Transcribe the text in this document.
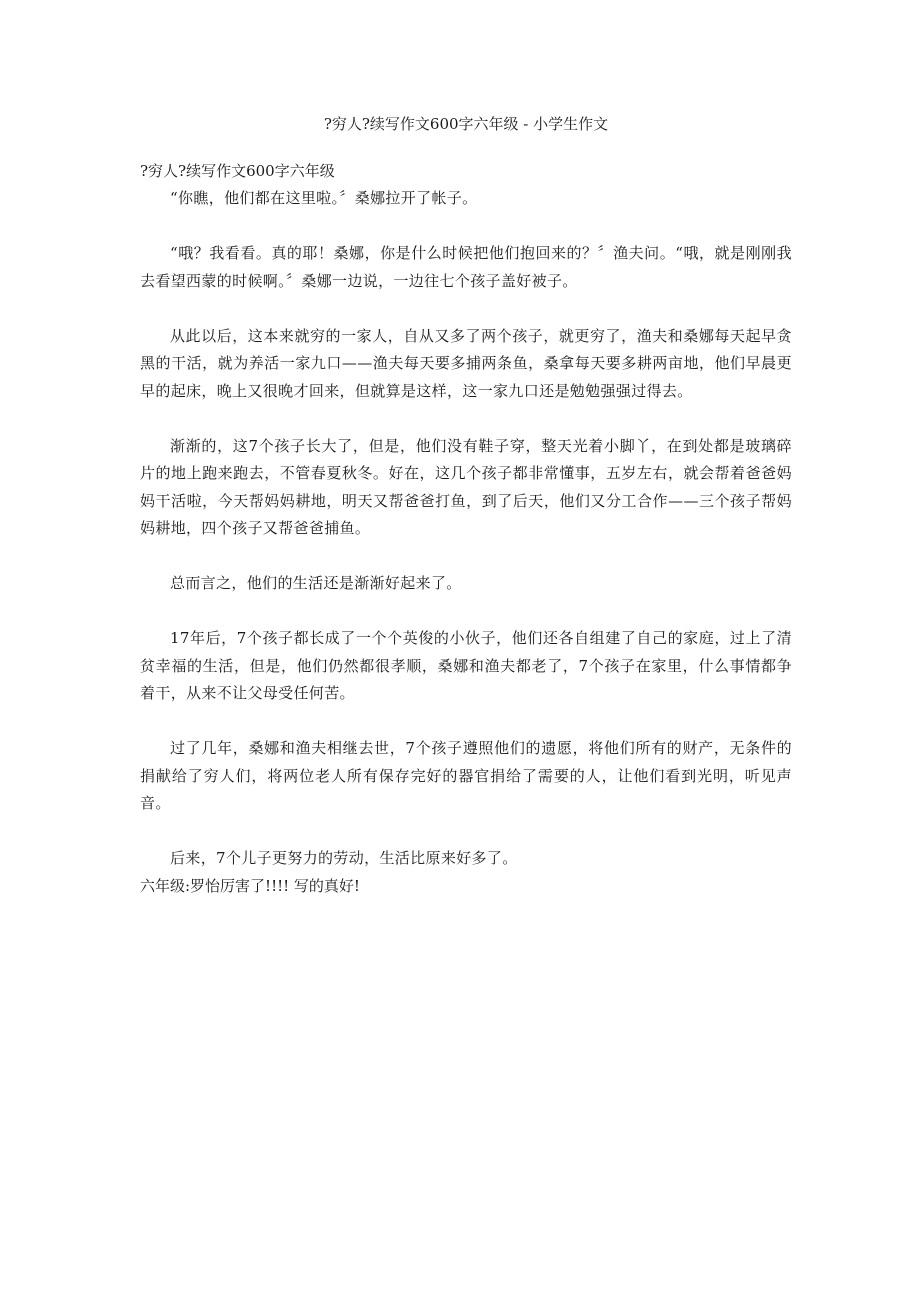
?穷人?续写作文600字六年级 - 小学生作文

?穷人?续写作文600字六年级

“你瞧，他们都在这里啦。〞桑娜拉开了帐子。

“哦？我看看。真的耶！桑娜，你是什么时候把他们抱回来的？〞渔夫问。“哦，就是刚刚我去看望西蒙的时候啊。〞桑娜一边说，一边往七个孩子盖好被子。

从此以后，这本来就穷的一家人，自从又多了两个孩子，就更穷了，渔夫和桑娜每天起早贪黑的干活，就为养活一家九口——渔夫每天要多捕两条鱼，桑拿每天要多耕两亩地，他们早晨更早的起床，晚上又很晚才回来，但就算是这样，这一家九口还是勉勉强强过得去。

渐渐的，这7个孩子长大了，但是，他们没有鞋子穿，整天光着小脚丫，在到处都是玻璃碎片的地上跑来跑去，不管春夏秋冬。好在，这几个孩子都非常懂事，五岁左右，就会帮着爸爸妈妈干活啦，今天帮妈妈耕地，明天又帮爸爸打鱼，到了后天，他们又分工合作——三个孩子帮妈妈耕地，四个孩子又帮爸爸捕鱼。

总而言之，他们的生活还是渐渐好起来了。

17年后，7个孩子都长成了一个个英俊的小伙子，他们还各自组建了自己的家庭，过上了清贫幸福的生活，但是，他们仍然都很孝顺，桑娜和渔夫都老了，7个孩子在家里，什么事情都争着干，从来不让父母受任何苦。

过了几年，桑娜和渔夫相继去世，7个孩子遵照他们的遗愿，将他们所有的财产，无条件的捐献给了穷人们，将两位老人所有保存完好的器官捐给了需要的人，让他们看到光明，听见声音。

后来，7个儿子更努力的劳动，生活比原来好多了。

六年级:罗怡厉害了!!!! 写的真好!
